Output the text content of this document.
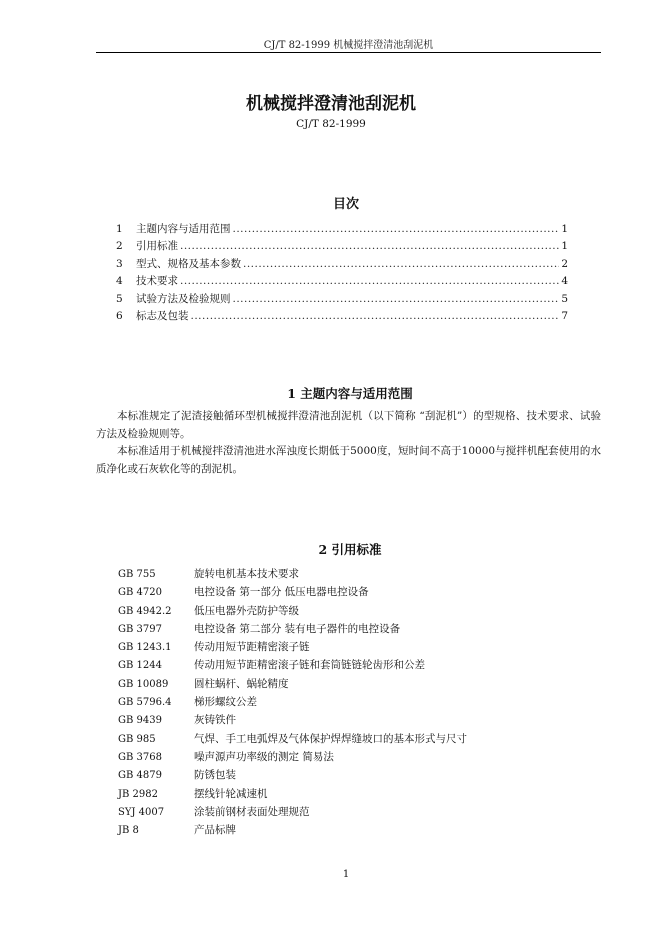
CJ/T 82-1999 机械搅拌澄清池刮泥机
机械搅拌澄清池刮泥机
CJ/T 82-1999
目次
1	主题内容与适用范围 .....	1
2	引用标准 .....	1
3	型式、规格及基本参数 .....	2
4	技术要求 .....	4
5	试验方法及检验规则 .....	5
6	标志及包装 .....	7
1 主题内容与适用范围

本标准规定了泥渣接触循环型机械搅拌澄清池刮泥机（以下简称 “刮泥机”）的型规格、技术要求、试验方法及检验规则等。

本标准适用于机械搅拌澄清池进水浑浊度长期低于5000度，短时间不高于10000与搅拌机配套使用的水质净化或石灰软化等的刮泥机。

2 引用标准
GB 755	旋转电机基本技术要求
GB 4720	电控设备 第一部分 低压电器电控设备
GB 4942.2	低压电器外壳防护等级
GB 3797	电控设备 第二部分 装有电子器件的电控设备
GB 1243.1	传动用短节距精密滚子链
GB 1244	传动用短节距精密滚子链和套筒链链轮齿形和公差
GB 10089	圆柱蜗杆、蜗轮精度
GB 5796.4	梯形螺纹公差
GB 9439	灰铸铁件
GB 985	气焊、手工电弧焊及气体保护焊焊缝坡口的基本形式与尺寸
GB 3768	噪声源声功率级的测定 简易法
GB 4879	防锈包装
JB 2982	摆线针轮减速机
SYJ 4007	涂装前钢材表面处理规范
JB 8	产品标牌
1
